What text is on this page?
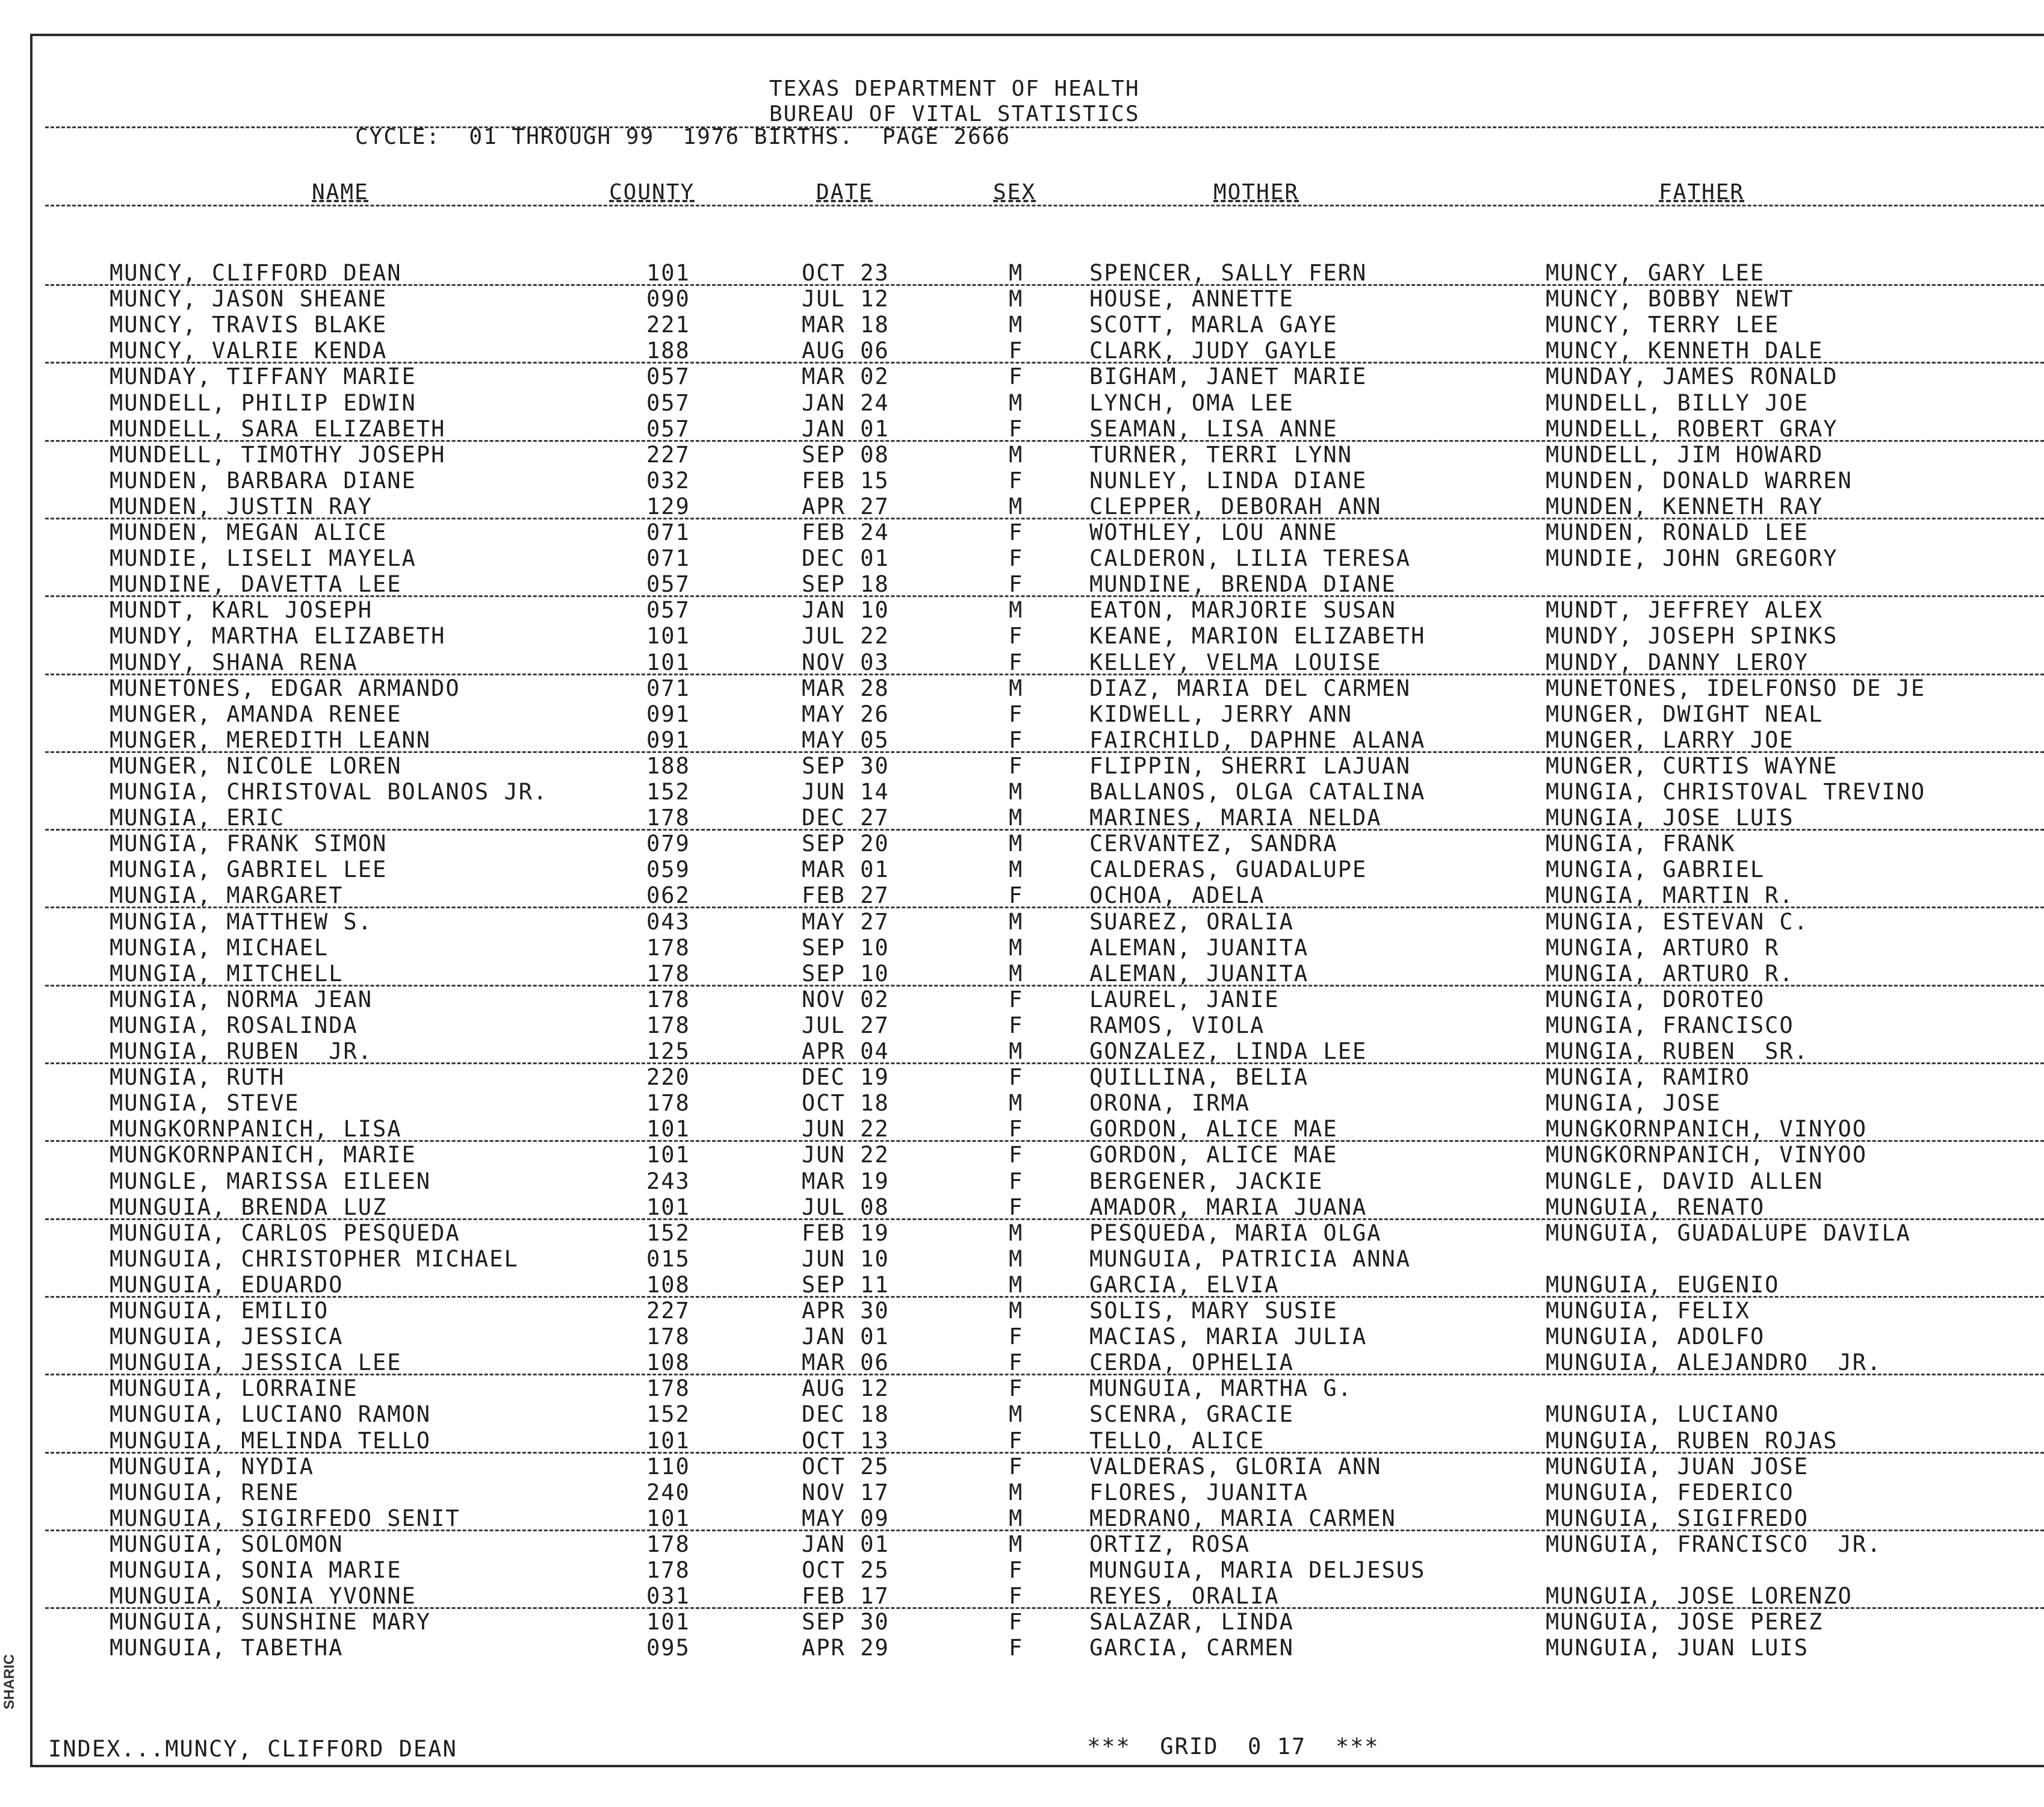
SHARIC
TEXAS DEPARTMENT OF HEALTH
BUREAU OF VITAL STATISTICS
CYCLE:  01 THROUGH 99  1976 BIRTHS.  PAGE 2666
NAME	COUNTY	DATE	SEX	MOTHER	FATHER
MUNCY, CLIFFORD DEAN	101	OCT 23	M	SPENCER, SALLY FERN	MUNCY, GARY LEE
MUNCY, JASON SHEANE	090	JUL 12	M	HOUSE, ANNETTE	MUNCY, BOBBY NEWT
MUNCY, TRAVIS BLAKE	221	MAR 18	M	SCOTT, MARLA GAYE	MUNCY, TERRY LEE
MUNCY, VALRIE KENDA	188	AUG 06	F	CLARK, JUDY GAYLE	MUNCY, KENNETH DALE
MUNDAY, TIFFANY MARIE	057	MAR 02	F	BIGHAM, JANET MARIE	MUNDAY, JAMES RONALD
MUNDELL, PHILIP EDWIN	057	JAN 24	M	LYNCH, OMA LEE	MUNDELL, BILLY JOE
MUNDELL, SARA ELIZABETH	057	JAN 01	F	SEAMAN, LISA ANNE	MUNDELL, ROBERT GRAY
MUNDELL, TIMOTHY JOSEPH	227	SEP 08	M	TURNER, TERRI LYNN	MUNDELL, JIM HOWARD
MUNDEN, BARBARA DIANE	032	FEB 15	F	NUNLEY, LINDA DIANE	MUNDEN, DONALD WARREN
MUNDEN, JUSTIN RAY	129	APR 27	M	CLEPPER, DEBORAH ANN	MUNDEN, KENNETH RAY
MUNDEN, MEGAN ALICE	071	FEB 24	F	WOTHLEY, LOU ANNE	MUNDEN, RONALD LEE
MUNDIE, LISELI MAYELA	071	DEC 01	F	CALDERON, LILIA TERESA	MUNDIE, JOHN GREGORY
MUNDINE, DAVETTA LEE	057	SEP 18	F	MUNDINE, BRENDA DIANE
MUNDT, KARL JOSEPH	057	JAN 10	M	EATON, MARJORIE SUSAN	MUNDT, JEFFREY ALEX
MUNDY, MARTHA ELIZABETH	101	JUL 22	F	KEANE, MARION ELIZABETH	MUNDY, JOSEPH SPINKS
MUNDY, SHANA RENA	101	NOV 03	F	KELLEY, VELMA LOUISE	MUNDY, DANNY LEROY
MUNETONES, EDGAR ARMANDO	071	MAR 28	M	DIAZ, MARIA DEL CARMEN	MUNETONES, IDELFONSO DE JE
MUNGER, AMANDA RENEE	091	MAY 26	F	KIDWELL, JERRY ANN	MUNGER, DWIGHT NEAL
MUNGER, MEREDITH LEANN	091	MAY 05	F	FAIRCHILD, DAPHNE ALANA	MUNGER, LARRY JOE
MUNGER, NICOLE LOREN	188	SEP 30	F	FLIPPIN, SHERRI LAJUAN	MUNGER, CURTIS WAYNE
MUNGIA, CHRISTOVAL BOLANOS JR.	152	JUN 14	M	BALLANOS, OLGA CATALINA	MUNGIA, CHRISTOVAL TREVINO
MUNGIA, ERIC	178	DEC 27	M	MARINES, MARIA NELDA	MUNGIA, JOSE LUIS
MUNGIA, FRANK SIMON	079	SEP 20	M	CERVANTEZ, SANDRA	MUNGIA, FRANK
MUNGIA, GABRIEL LEE	059	MAR 01	M	CALDERAS, GUADALUPE	MUNGIA, GABRIEL
MUNGIA, MARGARET	062	FEB 27	F	OCHOA, ADELA	MUNGIA, MARTIN R.
MUNGIA, MATTHEW S.	043	MAY 27	M	SUAREZ, ORALIA	MUNGIA, ESTEVAN C.
MUNGIA, MICHAEL	178	SEP 10	M	ALEMAN, JUANITA	MUNGIA, ARTURO R
MUNGIA, MITCHELL	178	SEP 10	M	ALEMAN, JUANITA	MUNGIA, ARTURO R.
MUNGIA, NORMA JEAN	178	NOV 02	F	LAUREL, JANIE	MUNGIA, DOROTEO
MUNGIA, ROSALINDA	178	JUL 27	F	RAMOS, VIOLA	MUNGIA, FRANCISCO
MUNGIA, RUBEN  JR.	125	APR 04	M	GONZALEZ, LINDA LEE	MUNGIA, RUBEN  SR.
MUNGIA, RUTH	220	DEC 19	F	QUILLINA, BELIA	MUNGIA, RAMIRO
MUNGIA, STEVE	178	OCT 18	M	ORONA, IRMA	MUNGIA, JOSE
MUNGKORNPANICH, LISA	101	JUN 22	F	GORDON, ALICE MAE	MUNGKORNPANICH, VINYOO
MUNGKORNPANICH, MARIE	101	JUN 22	F	GORDON, ALICE MAE	MUNGKORNPANICH, VINYOO
MUNGLE, MARISSA EILEEN	243	MAR 19	F	BERGENER, JACKIE	MUNGLE, DAVID ALLEN
MUNGUIA, BRENDA LUZ	101	JUL 08	F	AMADOR, MARIA JUANA	MUNGUIA, RENATO
MUNGUIA, CARLOS PESQUEDA	152	FEB 19	M	PESQUEDA, MARIA OLGA	MUNGUIA, GUADALUPE DAVILA
MUNGUIA, CHRISTOPHER MICHAEL	015	JUN 10	M	MUNGUIA, PATRICIA ANNA
MUNGUIA, EDUARDO	108	SEP 11	M	GARCIA, ELVIA	MUNGUIA, EUGENIO
MUNGUIA, EMILIO	227	APR 30	M	SOLIS, MARY SUSIE	MUNGUIA, FELIX
MUNGUIA, JESSICA	178	JAN 01	F	MACIAS, MARIA JULIA	MUNGUIA, ADOLFO
MUNGUIA, JESSICA LEE	108	MAR 06	F	CERDA, OPHELIA	MUNGUIA, ALEJANDRO  JR.
MUNGUIA, LORRAINE	178	AUG 12	F	MUNGUIA, MARTHA G.
MUNGUIA, LUCIANO RAMON	152	DEC 18	M	SCENRA, GRACIE	MUNGUIA, LUCIANO
MUNGUIA, MELINDA TELLO	101	OCT 13	F	TELLO, ALICE	MUNGUIA, RUBEN ROJAS
MUNGUIA, NYDIA	110	OCT 25	F	VALDERAS, GLORIA ANN	MUNGUIA, JUAN JOSE
MUNGUIA, RENE	240	NOV 17	M	FLORES, JUANITA	MUNGUIA, FEDERICO
MUNGUIA, SIGIRFEDO SENIT	101	MAY 09	M	MEDRANO, MARIA CARMEN	MUNGUIA, SIGIFREDO
MUNGUIA, SOLOMON	178	JAN 01	M	ORTIZ, ROSA	MUNGUIA, FRANCISCO  JR.
MUNGUIA, SONIA MARIE	178	OCT 25	F	MUNGUIA, MARIA DELJESUS
MUNGUIA, SONIA YVONNE	031	FEB 17	F	REYES, ORALIA	MUNGUIA, JOSE LORENZO
MUNGUIA, SUNSHINE MARY	101	SEP 30	F	SALAZAR, LINDA	MUNGUIA, JOSE PEREZ
MUNGUIA, TABETHA	095	APR 29	F	GARCIA, CARMEN	MUNGUIA, JUAN LUIS
INDEX...MUNCY, CLIFFORD DEAN	***  GRID  0 17  ***
